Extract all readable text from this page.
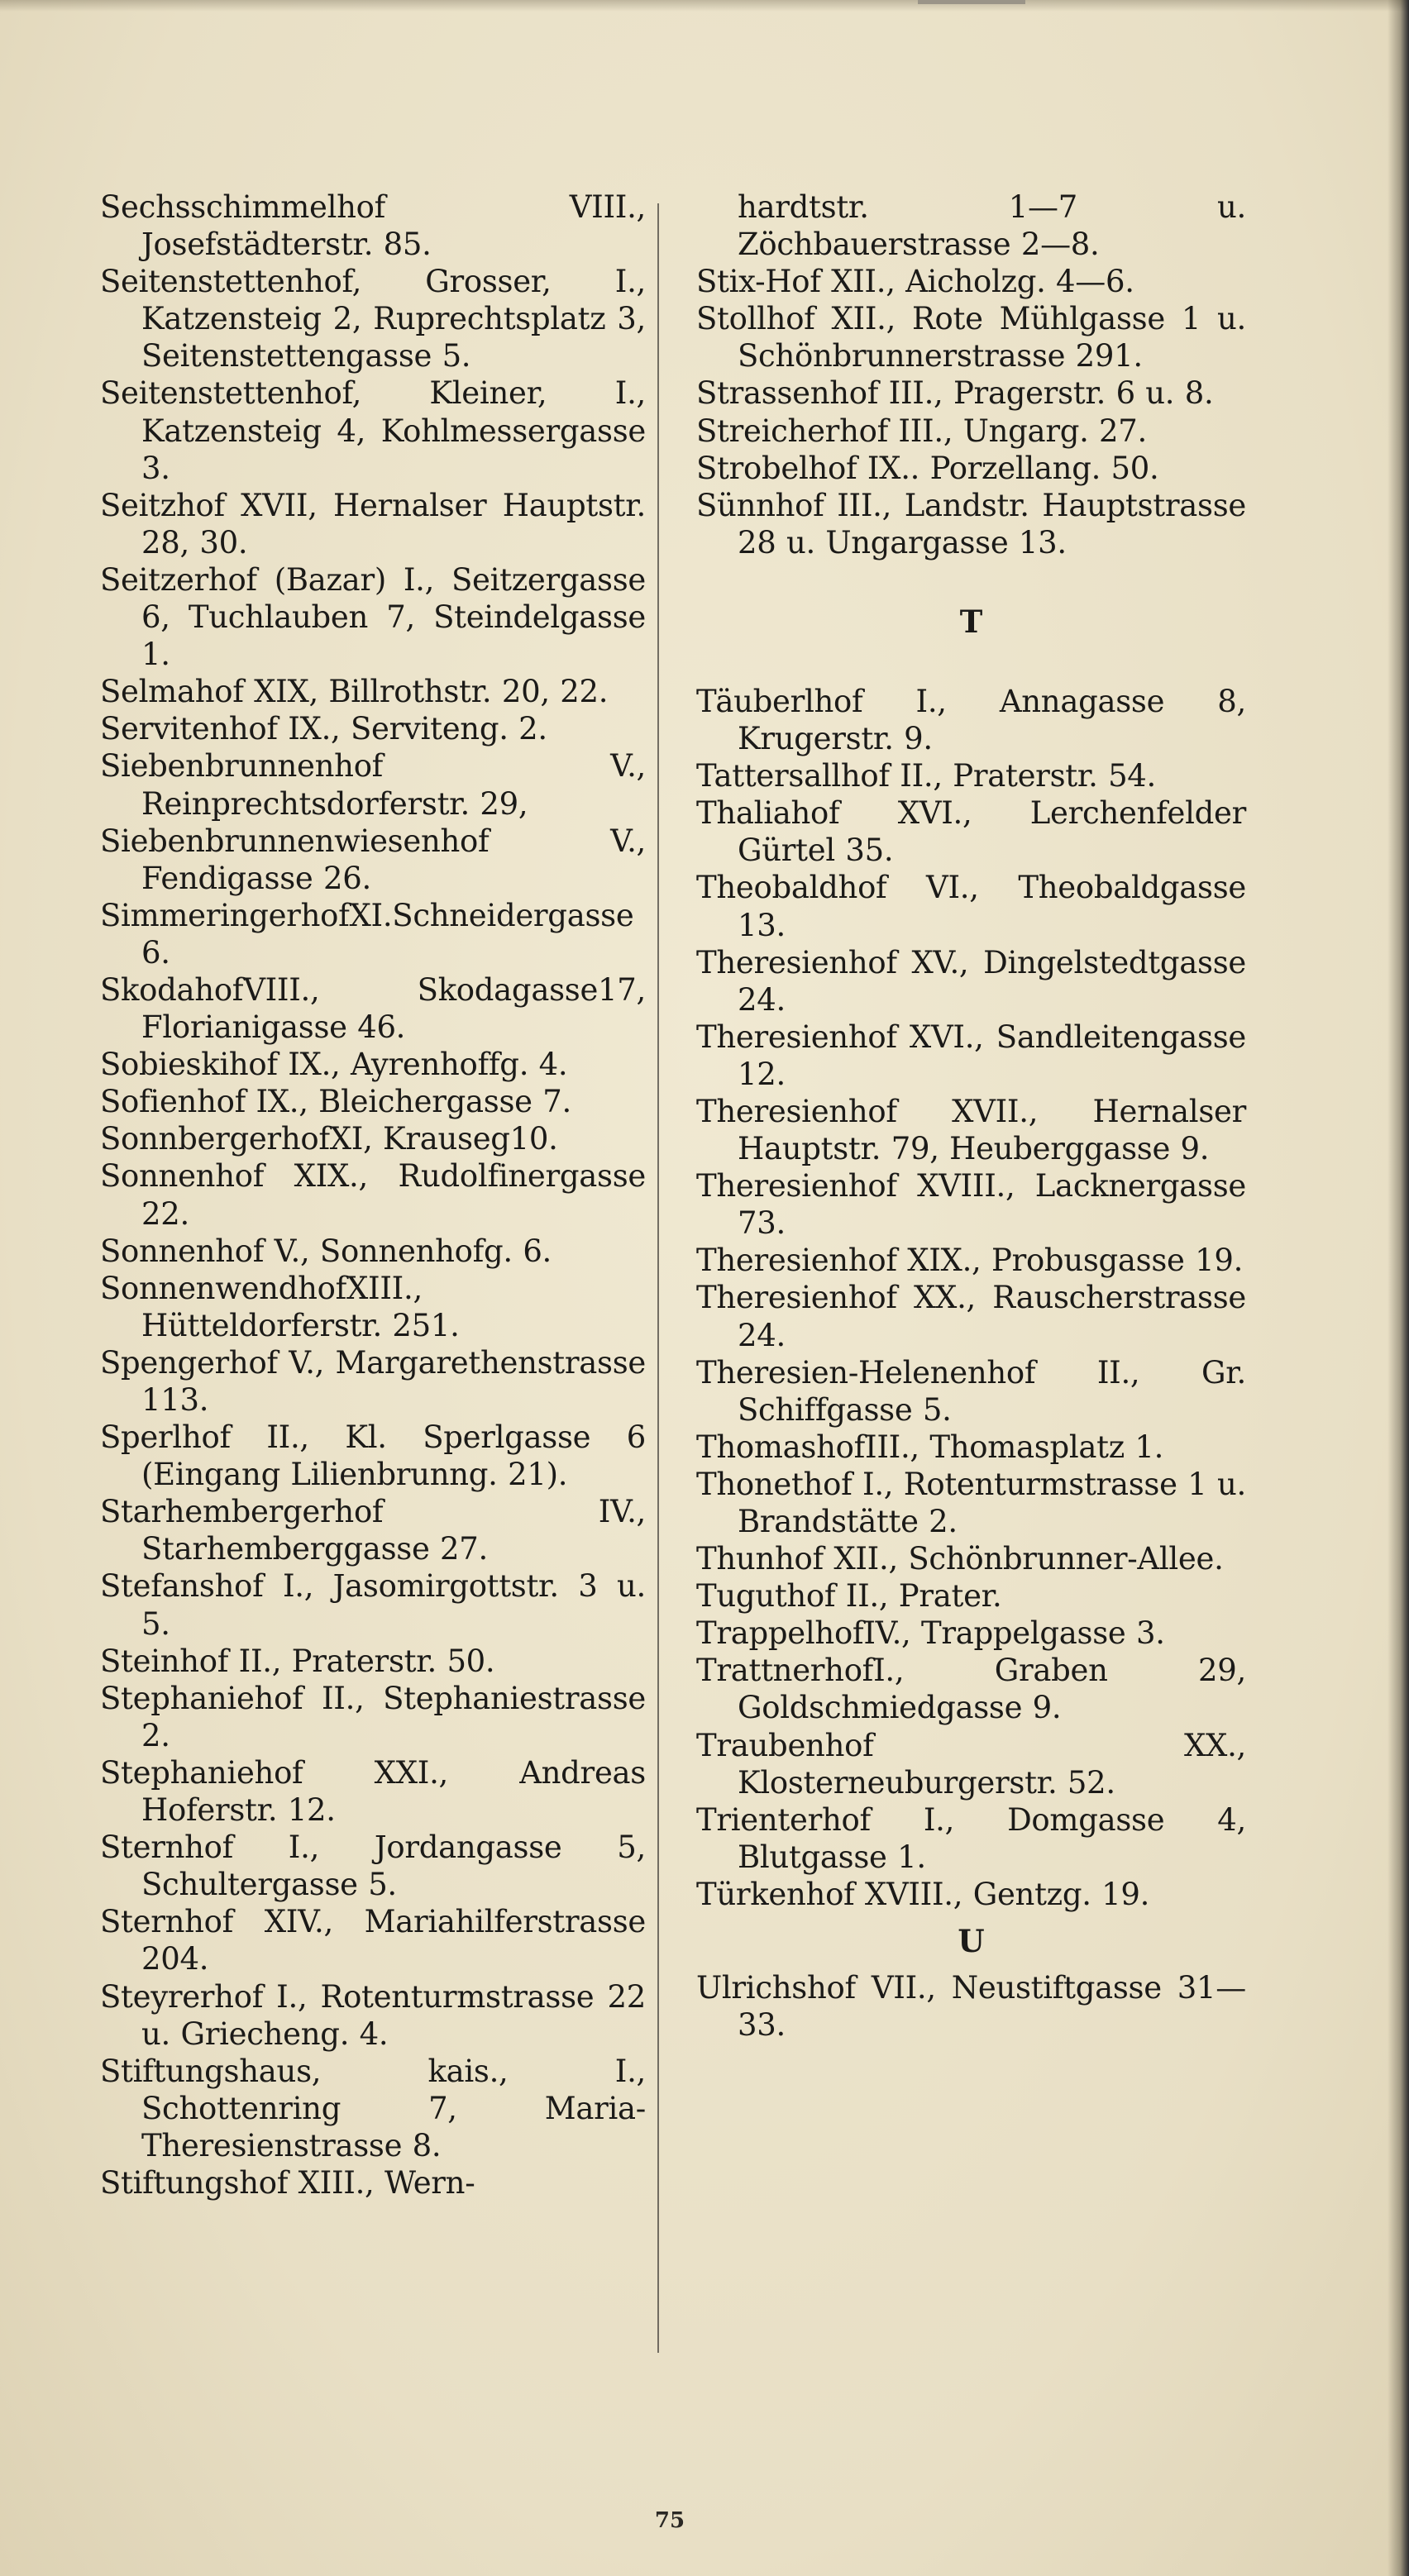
Sechsschimmelhof VIII., Josefstädterstr. 85.

Seitenstettenhof, Grosser, I., Katzensteig 2, Ruprechtsplatz 3, Seitenstettengasse 5.

Seitenstettenhof, Kleiner, I., Katzensteig 4, Kohlmessergasse 3.

Seitzhof XVII, Hernalser Hauptstr. 28, 30.

Seitzerhof (Bazar) I., Seitzergasse 6, Tuchlauben 7, Steindelgasse 1.

Selmahof XIX, Billrothstr. 20, 22.

Servitenhof IX., Serviteng. 2.

Siebenbrunnenhof V., Reinprechtsdorferstr. 29,

Siebenbrunnenwiesenhof V., Fendigasse 26.

SimmeringerhofXI.Schneidergasse 6.

SkodahofVIII., Skodagasse17, Florianigasse 46.

Sobieskihof IX., Ayrenhoffg. 4.

Sofienhof IX., Bleichergasse 7.

SonnbergerhofXI, Krauseg10.

Sonnenhof XIX., Rudolfinergasse 22.

Sonnenhof V., Sonnenhofg. 6.

SonnenwendhofXIII., Hütteldorferstr. 251.

Spengerhof V., Margarethenstrasse 113.

Sperlhof II., Kl. Sperlgasse 6 (Eingang Lilienbrunng. 21).

Starhembergerhof IV., Starhemberggasse 27.

Stefanshof I., Jasomirgottstr. 3 u. 5.

Steinhof II., Praterstr. 50.

Stephaniehof II., Stephaniestrasse 2.

Stephaniehof XXI., Andreas Hoferstr. 12.

Sternhof I., Jordangasse 5, Schultergasse 5.

Sternhof XIV., Mariahilferstrasse 204.

Steyrerhof I., Rotenturmstrasse 22 u. Griecheng. 4.

Stiftungshaus, kais., I., Schottenring 7, Maria-Theresienstrasse 8.

Stiftungshof XIII., Wern-

hardtstr. 1—7 u. Zöchbauerstrasse 2—8.

Stix-Hof XII., Aicholzg. 4—6.

Stollhof XII., Rote Mühlgasse 1 u. Schönbrunnerstrasse 291.

Strassenhof III., Pragerstr. 6 u. 8.

Streicherhof III., Ungarg. 27.

Strobelhof IX.. Porzellang. 50.

Sünnhof III., Landstr. Hauptstrasse 28 u. Ungargasse 13.

T

Täuberlhof I., Annagasse 8, Krugerstr. 9.

Tattersallhof II., Praterstr. 54.

Thaliahof XVI., Lerchenfelder Gürtel 35.

Theobaldhof VI., Theobaldgasse 13.

Theresienhof XV., Dingelstedtgasse 24.

Theresienhof XVI., Sandleitengasse 12.

Theresienhof XVII., Hernalser Hauptstr. 79, Heuberggasse 9.

Theresienhof XVIII., Lacknergasse 73.

Theresienhof XIX., Probusgasse 19.

Theresienhof XX., Rauscherstrasse 24.

Theresien-Helenenhof II., Gr. Schiffgasse 5.

ThomashofIII., Thomasplatz 1.

Thonethof I., Rotenturmstrasse 1 u. Brandstätte 2.

Thunhof XII., Schönbrunner-Allee.

Tuguthof II., Prater.

TrappelhofIV., Trappelgasse 3.

TrattnerhofI., Graben 29, Goldschmiedgasse 9.

Traubenhof XX., Klosterneuburgerstr. 52.

Trienterhof I., Domgasse 4, Blutgasse 1.

Türkenhof XVIII., Gentzg. 19.

U

Ulrichshof VII., Neustiftgasse 31—33.

75
